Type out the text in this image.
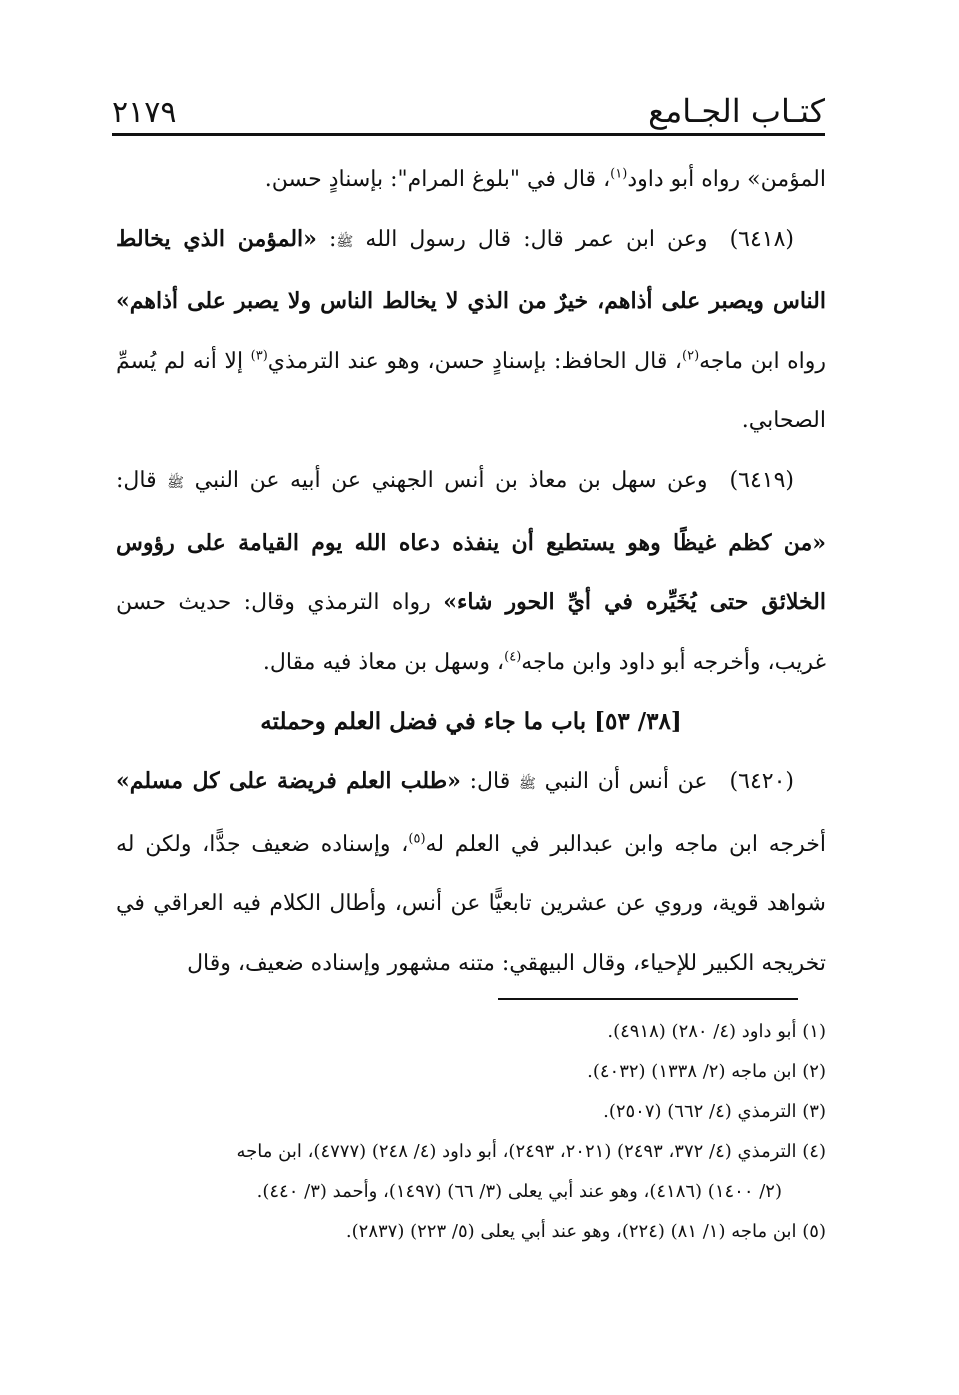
٢١٧٩	كتـاب الجـامع

المؤمن» رواه أبو داود$^{(١)}$، قال في "بلوغ المرام": بإسنادٍ حسن.

(٦٤١٨)وعن ابن عمر قال: قال رسول الله ﷺ: «المؤمن الذي يخالط الناس ويصبر على أذاهم، خيرٌ من الذي لا يخالط الناس ولا يصبر على أذاهم» رواه ابن ماجه$^{(٢)}$، قال الحافظ: بإسنادٍ حسن، وهو عند الترمذي$^{(٣)}$ إلا أنه لم يُسمِّ الصحابي.

(٦٤١٩)وعن سهل بن معاذ بن أنس الجهني عن أبيه عن النبي ﷺ قال: «من كظم غيظًا وهو يستطيع أن ينفذه دعاه الله يوم القيامة على رؤوس الخلائق حتى يُخَيِّره في أيِّ الحور شاء» رواه الترمذي وقال: حديث حسن غريب، وأخرجه أبو داود وابن ماجه$^{(٤)}$، وسهل بن معاذ فيه مقال.

[٣٨/ ٥٣] باب ما جاء في فضل العلم وحملته

(٦٤٢٠)عن أنس أن النبي ﷺ قال: «طلب العلم فريضة على كل مسلم» أخرجه ابن ماجه وابن عبدالبر في العلم له$^{(٥)}$، وإسناده ضعيف جدًّا، ولكن له شواهد قوية، وروي عن عشرين تابعيًّا عن أنس، وأطال الكلام فيه العراقي في تخريجه الكبير للإحياء، وقال البيهقي: متنه مشهور وإسناده ضعيف، وقال

(١) أبو داود (٤/ ٢٨٠) (٤٩١٨).

(٢) ابن ماجه (٢/ ١٣٣٨) (٤٠٣٢).

(٣) الترمذي (٤/ ٦٦٢) (٢٥٠٧).

(٤) الترمذي (٤/ ٣٧٢، ٢٤٩٣) (٢٠٢١، ٢٤٩٣)، أبو داود (٤/ ٢٤٨) (٤٧٧٧)، ابن ماجه

(٢/ ١٤٠٠) (٤١٨٦)، وهو عند أبي يعلى (٣/ ٦٦) (١٤٩٧)، وأحمد (٣/ ٤٤٠).

(٥) ابن ماجه (١/ ٨١) (٢٢٤)، وهو عند أبي يعلى (٥/ ٢٢٣) (٢٨٣٧).
